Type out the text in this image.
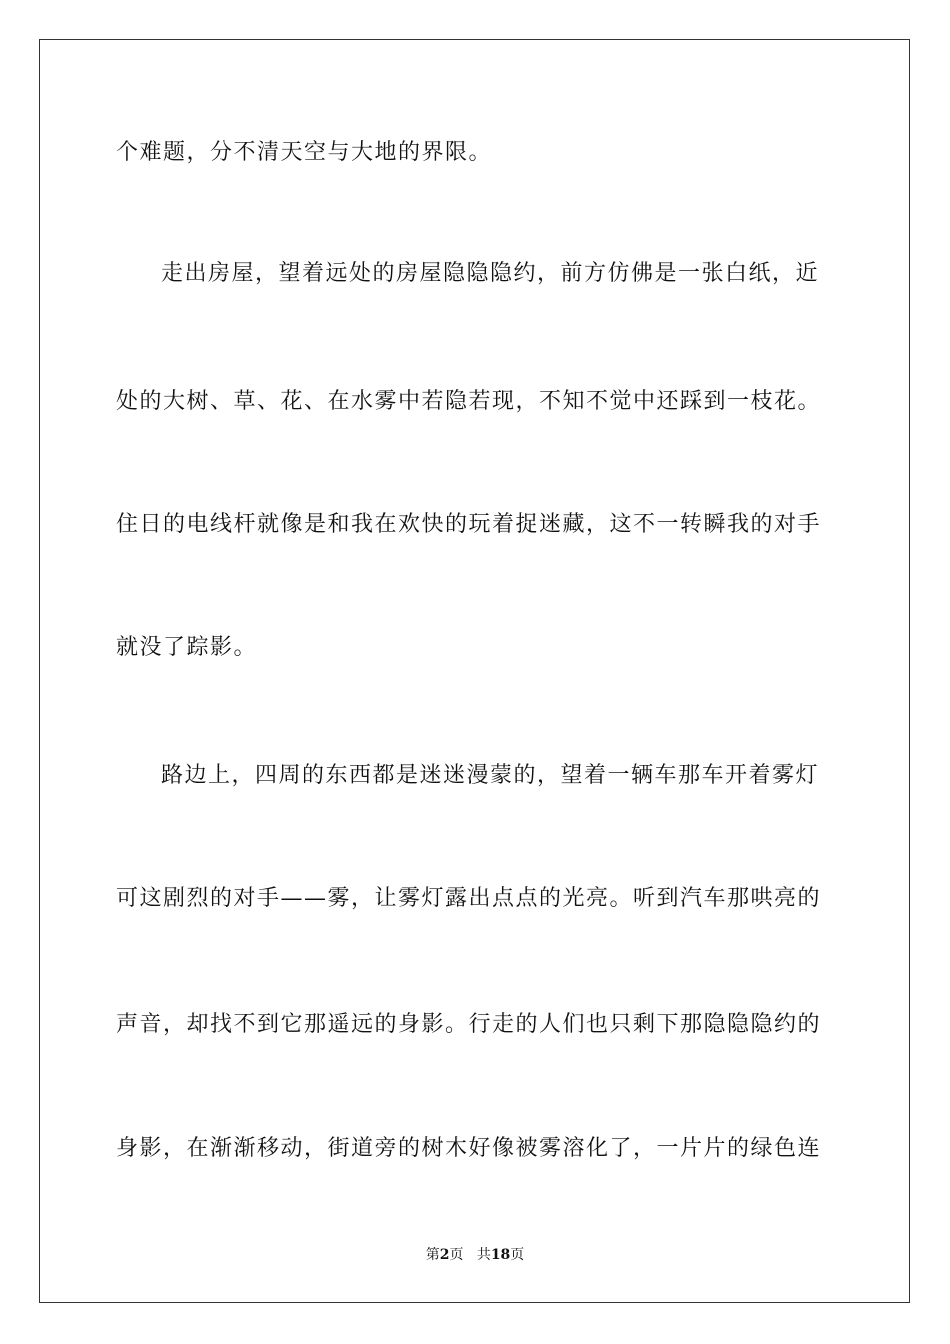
个难题，分不清天空与大地的界限。
走出房屋，望着远处的房屋隐隐隐约，前方仿佛是一张白纸，近
处的大树、草、花、在水雾中若隐若现，不知不觉中还踩到一枝花。
住日的电线杆就像是和我在欢快的玩着捉迷藏，这不一转瞬我的对手
就没了踪影。
路边上，四周的东西都是迷迷漫蒙的，望着一辆车那车开着雾灯
可这剧烈的对手——雾，让雾灯露出点点的光亮。听到汽车那哄亮的
声音，却找不到它那遥远的身影。行走的人们也只剩下那隐隐隐约的
身影，在渐渐移动，街道旁的树木好像被雾溶化了，一片片的绿色连
第2页 共18页
